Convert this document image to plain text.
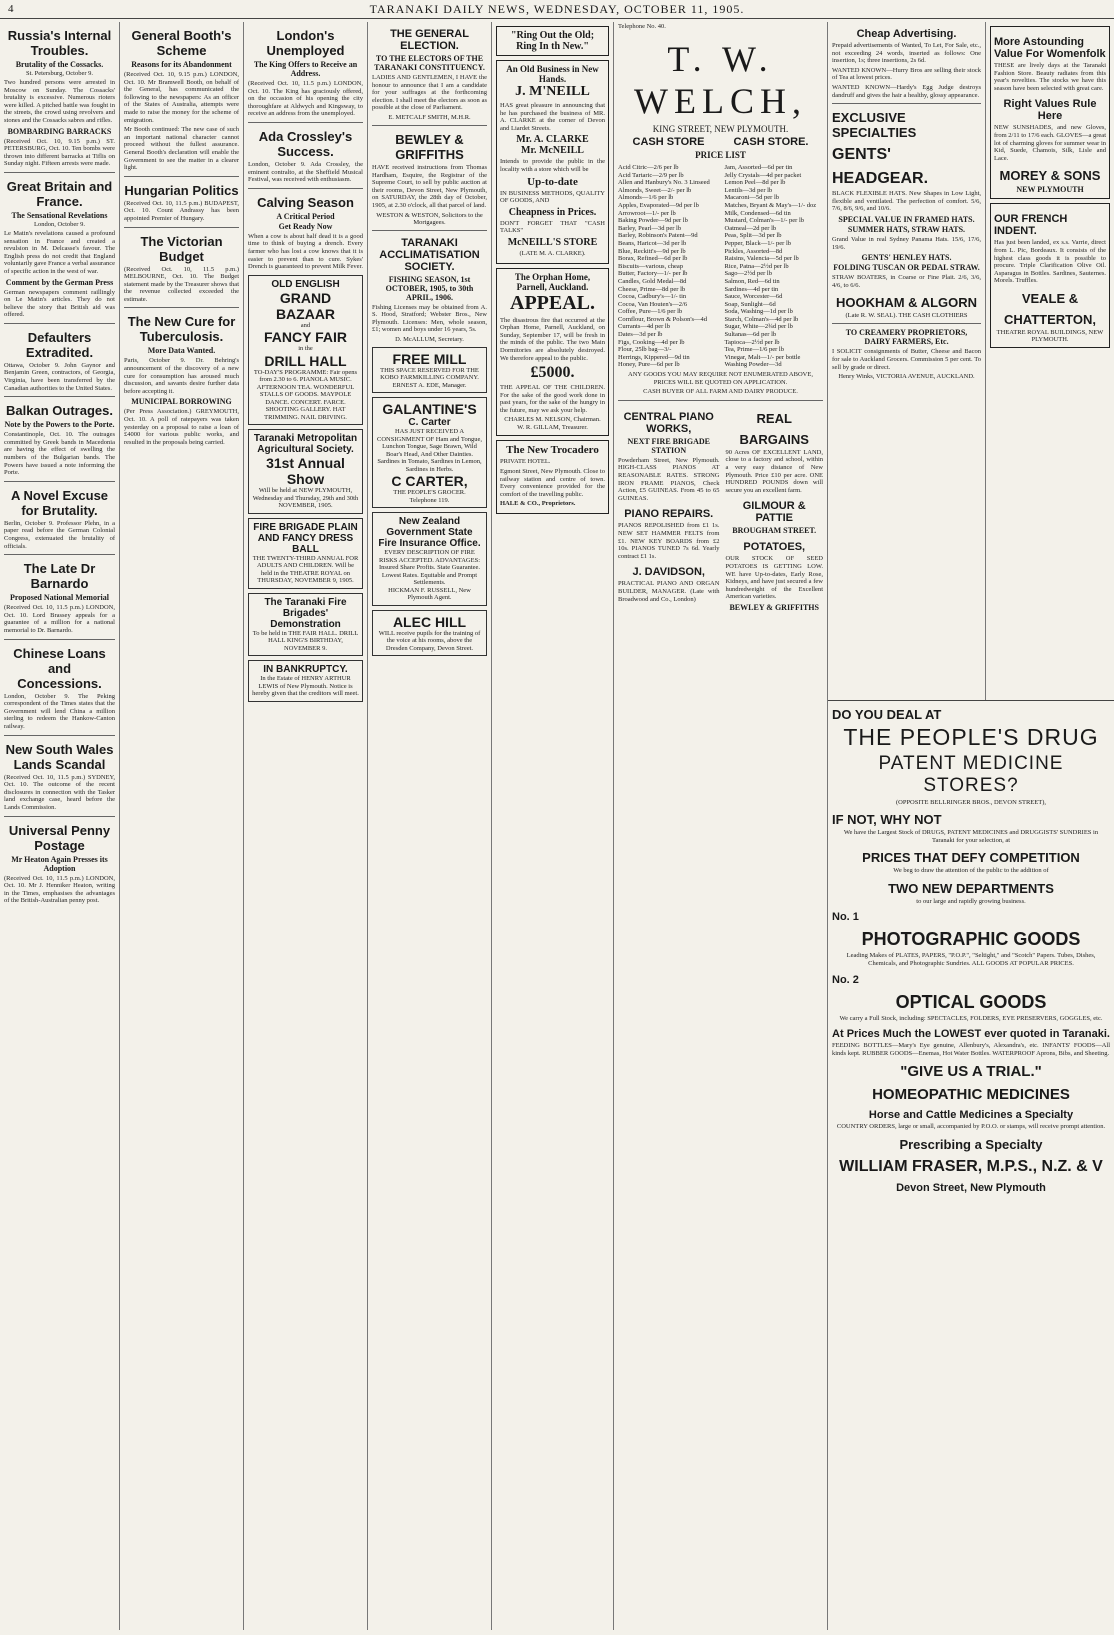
4	TARANAKI DAILY NEWS, WEDNESDAY, OCTOBER 11, 1905.
Russia's Internal Troubles.
Brutality of the Cossacks.
St. Petersburg, October 9.
Two hundred persons were arrested in Moscow on Sunday. The Cossacks' brutality is excessive. Numerous rioters were killed. A pitched battle was fought in the streets, the crowd using revolvers and stones and the Cossacks sabres and rifles.
BOMBARDING BARRACKS
(Received Oct. 10, 9.15 p.m.) ST. PETERSBURG, Oct. 10. Ten bombs were thrown into different barracks at Tiflis on Sunday night. Fifteen arrests were made.
Great Britain and France.
The Sensational Revelations
London, October 9.
Le Matin's revelations caused a profound sensation in France and created a revulsion in M. Delcasse's favour. The English press do not credit that England voluntarily gave France a verbal assurance of specific action in the west of war.
Comment by the German Press
German newspapers comment raillingly on Le Matin's articles. They do not believe the story that British aid was offered.
Defaulters Extradited.
Ottawa, October 9. John Gaynor and Benjamin Green, contractors, of Georgia, Virginia, have been transferred by the Canadian authorities to the United States.
Balkan Outrages.
Note by the Powers to the Porte.
Constantinople, Oct. 10. The outrages committed by Greek bands in Macedonia are having the effect of swelling the numbers of the Bulgarian bands. The Powers have issued a note informing the Porte.
A Novel Excuse for Brutality.
Berlin, October 9. Professor Plehn, in a paper read before the German Colonial Congress, extenuated the brutality of officials.
The Late Dr Barnardo
Proposed National Memorial
(Received Oct. 10, 11.5 p.m.) LONDON, Oct. 10. Lord Brassey appeals for a guarantee of a million for a national memorial to Dr. Barnardo.
Chinese Loans and Concessions.
London, October 9. The Peking correspondent of the Times states that the Government will lend China a million sterling to redeem the Hankow-Canton railway.
New South Wales Lands Scandal
(Received Oct. 10, 11.5 p.m.) SYDNEY, Oct. 10. The outcome of the recent disclosures in connection with the Tasker land exchange case, heard before the Lands Commission.
Universal Penny Postage
Mr Heaton Again Presses its Adoption
(Received Oct. 10, 11.5 p.m.) LONDON, Oct. 10. Mr J. Henniker Heaton, writing in the Times, emphasises the advantages of the British-Australian penny post.
General Booth's Scheme
Reasons for its Abandonment
(Received Oct. 10, 9.15 p.m.) LONDON, Oct. 10. Mr Bramwell Booth, on behalf of the General, has communicated the following to the newspapers: As an officer of the States of Australia, attempts were made to raise the money for the scheme of emigration.
Mr Booth continued: The new case of such an important national character cannot proceed without the fullest assurance. General Booth's declaration will enable the Government to see the matter in a clearer light.
Hungarian Politics
(Received Oct. 10, 11.5 p.m.) BUDAPEST, Oct. 10. Count Andrassy has been appointed Premier of Hungary.
The Victorian Budget
(Received Oct. 10, 11.5 p.m.) MELBOURNE, Oct. 10. The Budget statement made by the Treasurer shows that the revenue collected exceeded the estimate.
The New Cure for Tuberculosis.
More Data Wanted.
Paris, October 9. Dr. Behring's announcement of the discovery of a new cure for consumption has aroused much discussion, and savants desire further data before accepting it.
MUNICIPAL BORROWING
(Per Press Association.) GREYMOUTH, Oct. 10. A poll of ratepayers was taken yesterday on a proposal to raise a loan of £4000 for various public works, and resulted in the proposals being carried.
London's Unemployed
The King Offers to Receive an Address.
(Received Oct. 10, 11.5 p.m.) LONDON, Oct. 10. The King has graciously offered, on the occasion of his opening the city thoroughfare at Aldwych and Kingsway, to receive an address from the unemployed.
Ada Crossley's Success.
London, October 9. Ada Crossley, the eminent contralto, at the Sheffield Musical Festival, was received with enthusiasm.
Calving Season
A Critical Period
Get Ready Now
When a cow is about half dead it is a good time to think of buying a drench. Every farmer who has lost a cow knows that it is easier to prevent than to cure. Sykes' Drench is guaranteed to prevent Milk Fever.
OLD ENGLISH
GRAND BAZAAR
and
FANCY FAIR
in the
DRILL HALL
TO-DAY'S PROGRAMME: Fair opens from 2.30 to 6. PIANOLA MUSIC. AFTERNOON TEA. WONDERFUL STALLS OF GOODS. MAYPOLE DANCE. CONCERT. FARCE. SHOOTING GALLERY. HAT TRIMMING. NAIL DRIVING.
Taranaki Metropolitan Agricultural Society.
31st Annual Show
Will be held at NEW PLYMOUTH, Wednesday and Thursday, 29th and 30th NOVEMBER, 1905.
FIRE BRIGADE PLAIN AND FANCY DRESS BALL
THE TWENTY-THIRD ANNUAL FOR ADULTS AND CHILDREN. Will be held in the THEATRE ROYAL on THURSDAY, NOVEMBER 9, 1905.
The Taranaki Fire Brigades' Demonstration
To be held in THE FAIR HALL. DRILL HALL KING'S BIRTHDAY, NOVEMBER 9.
IN BANKRUPTCY.
In the Estate of HENRY ARTHUR LEWIS of New Plymouth. Notice is hereby given that the creditors will meet.
THE GENERAL ELECTION.
TO THE ELECTORS OF THE TARANAKI CONSTITUENCY.
LADIES AND GENTLEMEN, I HAVE the honour to announce that I am a candidate for your suffrages at the forthcoming election. I shall meet the electors as soon as possible at the close of Parliament.
E. METCALF SMITH, M.H.R.
BEWLEY & GRIFFITHS
HAVE received instructions from Thomas Hardham, Esquire, the Registrar of the Supreme Court, to sell by public auction at their rooms, Devon Street, New Plymouth, on SATURDAY, the 28th day of October, 1905, at 2.30 o'clock, all that parcel of land.
WESTON & WESTON, Solicitors to the Mortgagees.
TARANAKI ACCLIMATISATION SOCIETY.
FISHING SEASON, 1st OCTOBER, 1905, to 30th APRIL, 1906.
Fishing Licenses may be obtained from A. S. Hood, Stratford; Webster Bros., New Plymouth. Licenses: Men, whole season, £1; women and boys under 16 years, 5s.
D. McALLUM, Secretary.
FREE MILL
THIS SPACE RESERVED FOR THE KOBO FARMKILLING COMPANY.
ERNEST A. EDE, Manager.
GALANTINE'S
C. Carter
HAS JUST RECEIVED A CONSIGNMENT OF Ham and Tongue, Lunchon Tongue, Sage Brawn, Wild Boar's Head, And Other Dainties. Sardines in Tomato, Sardines in Lemon, Sardines in Herbs.
C CARTER,
THE PEOPLE'S GROCER.
Telephone 119.
New Zealand Government State Fire Insurance Office.
EVERY DESCRIPTION OF FIRE RISKS ACCEPTED. ADVANTAGES: Insured Share Profits. State Guarantee. Lowest Rates. Equitable and Prompt Settlements.
HICKMAN F. RUSSELL, New Plymouth Agent.
ALEC HILL
WILL receive pupils for the training of the voice at his rooms, above the Dresden Company, Devon Street.
"Ring Out the Old;
Ring In th New."
An Old Business in New Hands.
J. M'NEILL
HAS great pleasure in announcing that he has purchased the business of MR. A. CLARKE at the corner of Devon and Liardet Streets.
Mr. A. CLARKE
Mr. McNEILL
Intends to provide the public in the locality with a store which will be
Up-to-date
IN BUSINESS METHODS, QUALITY OF GOODS, AND
Cheapness in Prices.
DON'T FORGET THAT "CASH TALKS"
McNEILL'S STORE
(LATE M. A. CLARKE).
The Orphan Home, Parnell, Auckland.
APPEAL.
The disastrous fire that occurred at the Orphan Home, Parnell, Auckland, on Sunday, September 17, will be fresh in the minds of the public. The two Main Dormitories are absolutely destroyed. We therefore appeal to the public.
£5000.
THE APPEAL OF THE CHILDREN. For the sake of the good work done in past years, for the sake of the hungry in the future, may we ask your help.
CHARLES M. NELSON, Chairman.
W. R. GILLAM, Treasurer.
The New Trocadero
PRIVATE HOTEL.
Egmont Street, New Plymouth. Close to railway station and centre of town. Every convenience provided for the comfort of the travelling public.
HALE & CO., Proprietors.
Telephone No. 40.
T. W. WELCH,
KING STREET, NEW PLYMOUTH.
CASH STORE	CASH STORE.
PRICE LIST
Acid Citric—2/6 per lb
Acid Tartaric—2/9 per lb
Allen and Hanbury's No. 3 Linseed
Almonds, Sweet—2/- per lb
Almonds—1/6 per lb
Apples, Evaporated—9d per lb
Arrowroot—1/- per lb
Baking Powder—9d per lb
Barley, Pearl—3d per lb
Barley, Robinson's Patent—9d
Beans, Haricot—3d per lb
Blue, Reckitt's—9d per lb
Borax, Refined—6d per lb
Biscuits—various, cheap
Butter, Factory—1/- per lb
Candles, Gold Medal—8d
Cheese, Prime—8d per lb
Cocoa, Cadbury's—1/- tin
Cocoa, Van Houten's—2/6
Coffee, Pure—1/6 per lb
Cornflour, Brown & Polson's—4d
Currants—4d per lb
Dates—3d per lb
Figs, Cooking—4d per lb
Flour, 25lb bag—3/-
Herrings, Kippered—9d tin
Honey, Pure—6d per lb
Jam, Assorted—6d per tin
Jelly Crystals—4d per packet
Lemon Peel—8d per lb
Lentils—3d per lb
Macaroni—5d per lb
Matches, Bryant & May's—1/- doz
Milk, Condensed—6d tin
Mustard, Colman's—1/- per lb
Oatmeal—2d per lb
Peas, Split—3d per lb
Pepper, Black—1/- per lb
Pickles, Assorted—8d
Raisins, Valencia—5d per lb
Rice, Patna—2½d per lb
Sago—2½d per lb
Salmon, Red—6d tin
Sardines—4d per tin
Sauce, Worcester—6d
Soap, Sunlight—6d
Soda, Washing—1d per lb
Starch, Colman's—4d per lb
Sugar, White—2¾d per lb
Sultanas—6d per lb
Tapioca—2½d per lb
Tea, Prime—1/6 per lb
Vinegar, Malt—1/- per bottle
Washing Powder—3d
ANY GOODS YOU MAY REQUIRE NOT ENUMERATED ABOVE, PRICES WILL BE QUOTED ON APPLICATION.
CASH BUYER OF ALL FARM AND DAIRY PRODUCE.
CENTRAL PIANO WORKS,
NEXT FIRE BRIGADE STATION
Powderham Street, New Plymouth. HIGH-CLASS PIANOS AT REASONABLE RATES. STRONG IRON FRAME PIANOS, Check Action, £5 GUINEAS. From 45 to 65 GUINEAS.
PIANO REPAIRS.
PIANOS REPOLISHED from £1 1s. NEW SET HAMMER FELTS from £1. NEW KEY BOARDS from £2 10s. PIANOS TUNED 7s 6d. Yearly contract £1 1s.
J. DAVIDSON,
PRACTICAL PIANO AND ORGAN BUILDER, MANAGER. (Late with Broadwood and Co., London)
REAL
BARGAINS
90 Acres OF EXCELLENT LAND, close to a factory and school, within a very easy distance of New Plymouth. Price £10 per acre. ONE HUNDRED POUNDS down will secure you an excellent farm.
GILMOUR & PATTIE
BROUGHAM STREET.
POTATOES,
OUR STOCK OF SEED POTATOES IS GETTING LOW. WE have Up-to-dates, Early Rose, Kidneys, and have just secured a few hundredweight of the Excellent American varieties.
BEWLEY & GRIFFITHS
Cheap Advertising.
Prepaid advertisements of Wanted, To Let, For Sale, etc., not exceeding 24 words, inserted as follows: One insertion, 1s; three insertions, 2s 6d.
WANTED KNOWN—Hurry Bros are selling their stock of Tea at lowest prices.
WANTED KNOWN—Hardy's Egg Judge destroys dandruff and gives the hair a healthy, glossy appearance.
EXCLUSIVE SPECIALTIES
GENTS'
HEADGEAR.
BLACK FLEXIBLE HATS. New Shapes in Low Light, flexible and ventilated. The perfection of comfort. 5/6, 7/6, 8/6, 9/6, and 10/6.
SPECIAL VALUE IN FRAMED HATS.
SUMMER HATS, STRAW HATS.
Grand Value in real Sydney Panama Hats. 15/6, 17/6, 19/6.
GENTS' HENLEY HATS.
FOLDING TUSCAN OR PEDAL STRAW.
STRAW BOATERS, in Coarse or Fine Plait. 2/6, 3/6, 4/6, to 6/6.
HOOKHAM & ALGORN
(Late R. W. SEAL). THE CASH CLOTHIERS
TO CREAMERY PROPRIETORS, DAIRY FARMERS, Etc.
I SOLICIT consignments of Butter, Cheese and Bacon for sale to Auckland Grocers. Commission 5 per cent. To sell by grade or direct.
Henry Winks, VICTORIA AVENUE, AUCKLAND.
More Astounding Value For Womenfolk
THESE are lively days at the Taranaki Fashion Store. Beauty radiates from this year's novelties. The stocks we have this season have been selected with great care.
Right Values Rule Here
NEW SUNSHADES, and new Gloves, from 2/11 to 17/6 each. GLOVES—a great lot of charming gloves for summer wear in Kid, Suede, Chamois, Silk, Lisle and Lace.
MOREY & SONS
NEW PLYMOUTH
OUR FRENCH INDENT.
Has just been landed, ex s.s. Varrie, direct from L. Pic, Bordeaux. It consists of the highest class goods it is possible to procure. Triple Clarification Olive Oil. Asparagus in Bottles. Sardines, Sauternes. Morels. Truffles.
VEALE &
CHATTERTON,
THEATRE ROYAL BUILDINGS, NEW PLYMOUTH.
DO YOU DEAL AT
THE PEOPLE'S DRUG
PATENT MEDICINE STORES?
(OPPOSITE BELLRINGER BROS., DEVON STREET),
IF NOT, WHY NOT
We have the Largest Stock of DRUGS, PATENT MEDICINES and DRUGGISTS' SUNDRIES in Taranaki for your selection, at
PRICES THAT DEFY COMPETITION
We beg to draw the attention of the public to the addition of
TWO NEW DEPARTMENTS
to our large and rapidly growing business.
No. 1
PHOTOGRAPHIC GOODS
Leading Makes of PLATES, PAPERS, "P.O.P.", "Seltight," and "Scotch" Papers. Tubes, Dishes, Chemicals, and Photographic Sundries. ALL GOODS AT POPULAR PRICES.
No. 2
OPTICAL GOODS
We carry a Full Stock, including: SPECTACLES, FOLDERS, EYE PRESERVERS, GOGGLES, etc.
At Prices Much the LOWEST ever quoted in Taranaki.
FEEDING BOTTLES—Mary's Eye genuine, Allenbury's, Alexandra's, etc. INFANTS' FOODS—All kinds kept. RUBBER GOODS—Enemas, Hot Water Bottles. WATERPROOF Aprons, Bibs, and Sheeting.
"GIVE US A TRIAL."
HOMEOPATHIC MEDICINES
Horse and Cattle Medicines a Specialty
COUNTRY ORDERS, large or small, accompanied by P.O.O. or stamps, will receive prompt attention.
Prescribing a Specialty
WILLIAM FRASER, M.P.S., N.Z. & V
Devon Street, New Plymouth
